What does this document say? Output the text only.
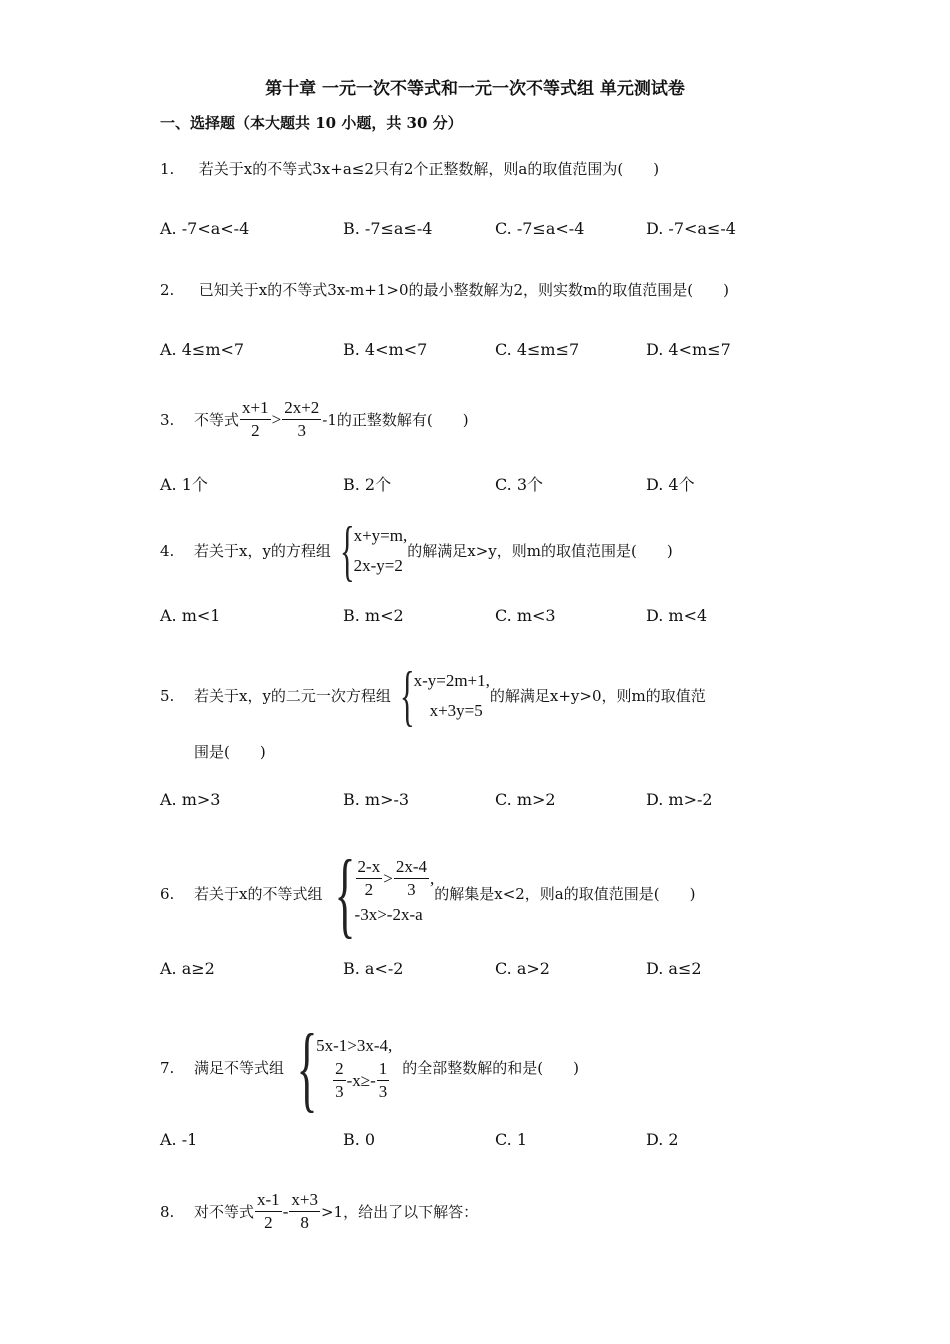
第十章 一元一次不等式和一元一次不等式组 单元测试卷
一、选择题（本大题共 10 小题，共 30 分）
1. 若关于x的不等式3x+a≤2只有2个正整数解，则a的取值范围为(　　)
A. -7<a<-4	B. -7≤a≤-4	C. -7≤a<-4	D. -7<a≤-4
2. 已知关于x的不等式3x-m+1>0的最小整数解为2，则实数m的取值范围是(　　)
A. 4≤m<7	B. 4<m<7	C. 4≤m≤7	D. 4<m≤7
3.	不等式 $\frac{x+1}{2} > \frac{2x+2}{3} -1$的正整数解有(　　)
A. 1个	B. 2个	C. 3个	D. 4个
4.	若关于x，y的方程组 {
x+y=m,
2x-y=2
的解满足x>y，则m的取值范围是(　　)
A. m<1	B. m<2	C. m<3	D. m<4
5.	若关于x，y的二元一次方程组 {
x-y=2m+1,
x+3y=5
的解满足x+y>0，则m的取值范
围是(　　)
A. m>3	B. m>-3	C. m>2	D. m>-2
6.	若关于x的不等式组 { $\frac{2-x}{2} > \frac{2x-4}{3}$ ,
-3x>-2x-a
的解集是x<2，则a的取值范围是(　　)
A. a≥2	B. a<-2	C. a>2	D. a≤2
7.	满足不等式组 {
5x-1>3x-4,
$\frac{2}{3} -x\ge- \frac{1}{3}$ 的全部整数解的和是(　　)
A. -1	B. 0	C. 1	D. 2
8.	对不等式 $\frac{x-1}{2} - \frac{x+3}{8} >1$，给出了以下解答：
